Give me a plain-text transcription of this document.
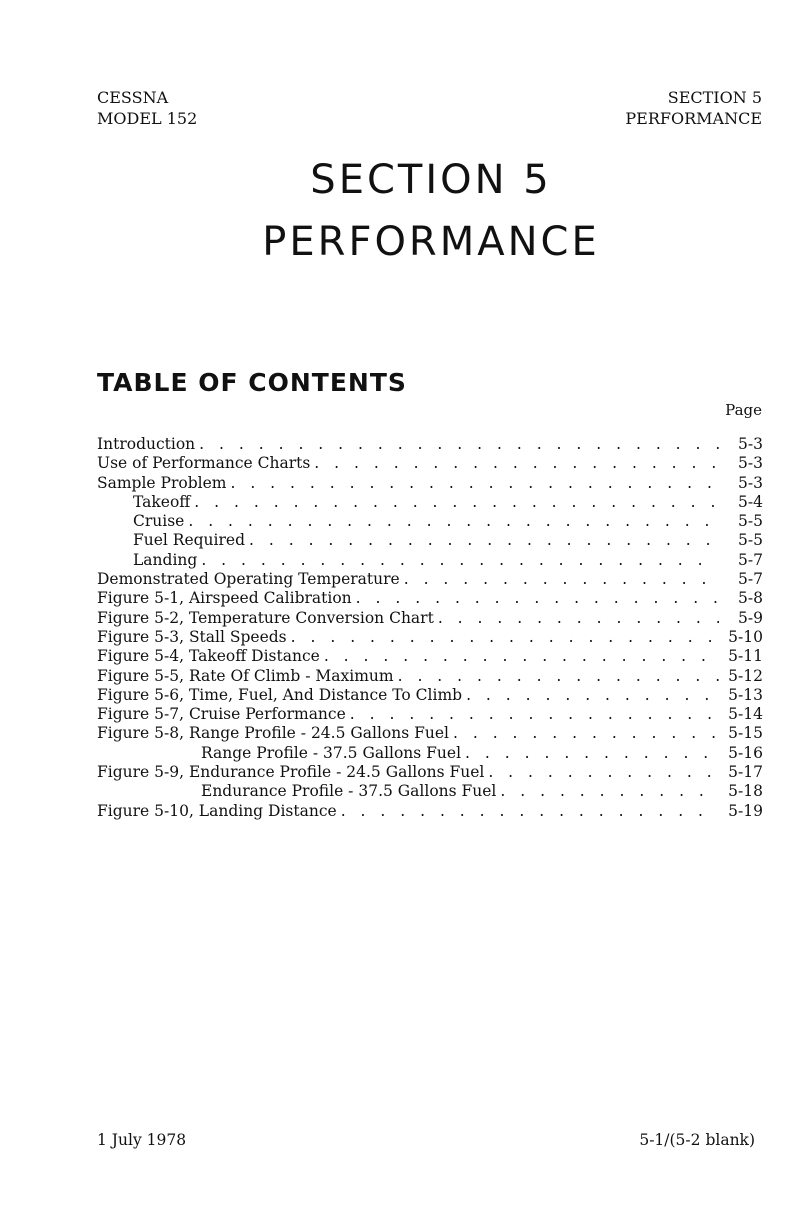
CESSNA
MODEL 152
SECTION 5
PERFORMANCE
SECTION 5
PERFORMANCE
TABLE OF CONTENTS
Page
Introduction . . .	5-3
Use of Performance Charts . . .	5-3
Sample Problem . . .	5-3
Takeoff . . .	5-4
Cruise . . .	5-5
Fuel Required . . .	5-5
Landing . . .	5-7
Demonstrated Operating Temperature . . .	5-7
Figure 5-1, Airspeed Calibration . . .	5-8
Figure 5-2, Temperature Conversion Chart . . .	5-9
Figure 5-3, Stall Speeds . . .	5-10
Figure 5-4, Takeoff Distance . . .	5-11
Figure 5-5, Rate Of Climb - Maximum . . .	5-12
Figure 5-6, Time, Fuel, And Distance To Climb . . .	5-13
Figure 5-7, Cruise Performance . . .	5-14
Figure 5-8, Range Profile - 24.5 Gallons Fuel . . .	5-15
Range Profile - 37.5 Gallons Fuel . . .	5-16
Figure 5-9, Endurance Profile - 24.5 Gallons Fuel . . .	5-17
Endurance Profile - 37.5 Gallons Fuel . . .	5-18
Figure 5-10, Landing Distance . . .	5-19
1 July 1978	5-1/(5-2 blank)
